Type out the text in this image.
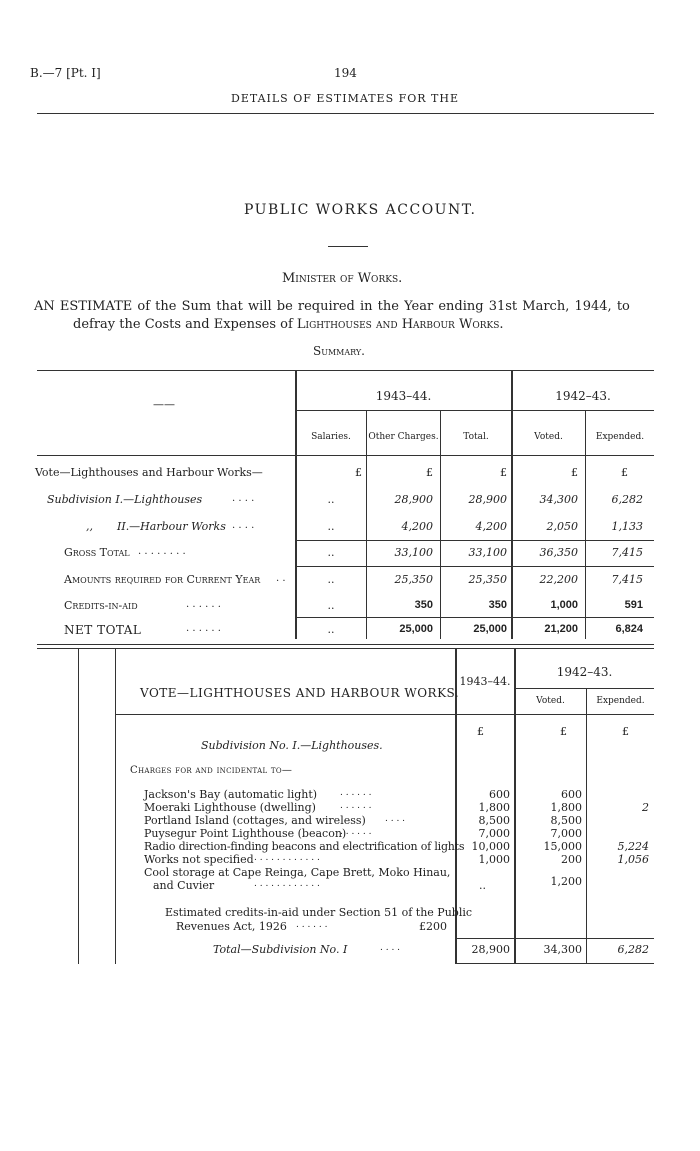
B.—7 [Pt. I]	194
DETAILS OF ESTIMATES FOR THE
PUBLIC WORKS ACCOUNT.
Minister of Works.
AN ESTIMATE of the Sum that will be required in the Year ending 31st March, 1944, to
defray the Costs and Expenses of Lighthouses and Harbour Works.
Summary.
——
1943–44.	1942–43.
Salaries.	Other Charges.	Total.	Voted.	Expended.
Vote—Lighthouses and Harbour Works—	£	£	£	£	£
Subdivision I.—Lighthouses	. . . .	..	28,900	28,900	34,300	6,282
,, II.—Harbour Works . . . .	..	4,200	4,200	2,050	1,133
Gross Total . . . . . . . .	..	33,100	33,100	36,350	7,415
Amounts required for Current Year . .	..	25,350	25,350	22,200	7,415
Credits-in-aid	. . . . . .	..	350	350	1,000	591
NET TOTAL	. . . . . .	..	25,000	25,000	21,200	6,824
VOTE—LIGHTHOUSES AND HARBOUR WORKS.
1943–44.
1942–43.
Voted.	Expended.
£	£	£
Subdivision No. I.—Lighthouses.
Charges for and incidental to—
Jackson's Bay (automatic light)	. . . . . .	600	600
Moeraki Lighthouse (dwelling)	. . . . . .	1,800	1,800	2
Portland Island (cottages, and wireless) . . . .	8,500	8,500
Puysegur Point Lighthouse (beacon)
. . . . . .	7,000	7,000
Radio direction-finding beacons and electrification of lights 10,000	15,000	5,224
Works not specified . . . . . . . . . . . .	1,000	200	1,056
Cool storage at Cape Reinga, Cape Brett, Moko Hinau,
and Cuvier	. . . . . . . . . . . .	..	1,200
Estimated credits-in-aid under Section 51 of the Public
Revenues Act, 1926 . . . . . .	£200
Total—Subdivision No. I	. . . .	28,900	34,300	6,282
